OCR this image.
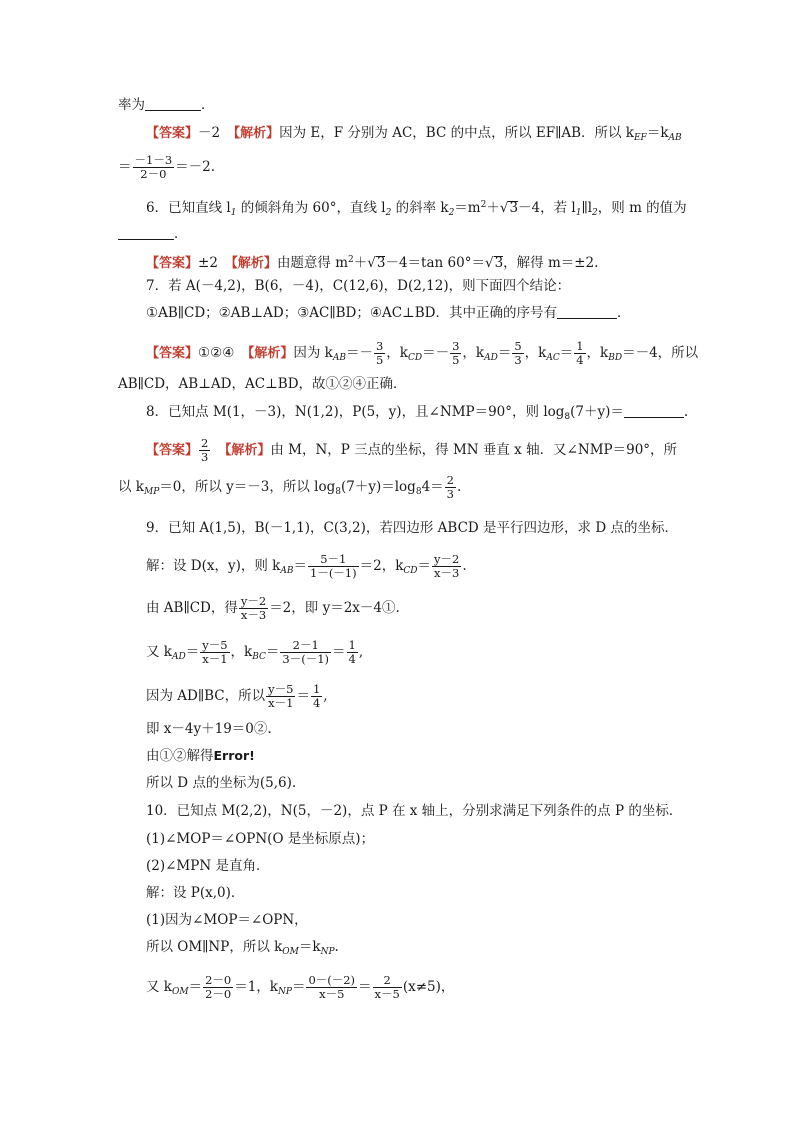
率为	．
【答案】－2　 【解析】因为 E，F 分别为 AC，BC 的中点，所以 EF∥AB．所以 $k_{EF}=k_{AB}$
＝ $\frac{-1-3}{2-0} =-2$.
6．已知直线 $l_1$ 的倾斜角为 60°，直线 $l_2$ 的斜率 $k_2=m^2+√3-4$，若 $l_1\parallel l_2$，则 m 的值为
．
【答案】±2　 【解析】由题意得 $m^2+√3-4=\tan$ 60°＝√3，解得 m＝±2.
7．若 A(－4,2)，B(6，－4)，C(12,6)，D(2,12)，则下面四个结论：
①AB∥CD；②AB⊥AD；③AC∥BD；④AC⊥BD．其中正确的序号有	．
【答案】①②④　 【解析】因为 $k_{AB}=- \frac{3}{5}$ ，$k_{CD}=- \frac{3}{5}$ ，$k_{AD}= \frac{5}{3}$ ，$k_{AC}= \frac{1}{4}$ ，$k_{BD}=-4$，所以
AB∥CD，AB⊥AD，AC⊥BD，故①②④正确．
8．已知点 M(1，－3)，N(1,2)，P(5，y)，且∠NMP＝90°，则 $\log_8(7+y)=$	.
【答案】 $\frac{2}{3}$
　 【解析】由 M，N，P 三点的坐标，得 MN 垂直 x 轴．又∠NMP＝90°，所
以 $k_{MP}=0$，所以 y＝－3，所以 $\log_8(7+y)=\log_84= \frac{2}{3}$ .
9．已知 A(1,5)，B(－1,1)，C(3,2)，若四边形 ABCD 是平行四边形，求 D 点的坐标．
解：设 D(x，y)，则 $k_{AB}= \frac{5-1}{1-(-1)} =2$，$k_{CD}= \frac{y-2}{x-3}$ .
由 AB∥CD，得 $\frac{y-2}{x-3} =2$，即 y＝2x－4①.
又 $k_{AD}= \frac{y-5}{x-1}$ ，$k_{BC}= \frac{2-1}{3-(-1)} = \frac{1}{4}$ ,
因为 AD∥BC，所以 $\frac{y-5}{x-1} = \frac{1}{4}$ ,
即 x－4y＋19＝0②.
由①②解得Error!
所以 D 点的坐标为(5,6).
10．已知点 M(2,2)，N(5，－2)，点 P 在 x 轴上，分别求满足下列条件的点 P 的坐标．
(1)∠MOP＝∠OPN(O 是坐标原点)；
(2)∠MPN 是直角．
解：设 P(x,0)．
(1)因为∠MOP＝∠OPN，
所以 OM∥NP，所以 $k_{OM}=k_{NP}$.
又 $k_{OM}= \frac{2-0}{2-0} =1$，$k_{NP}= \frac{0-(-2)}{x-5} = \frac{2}{x-5} (x\ne 5)$，
